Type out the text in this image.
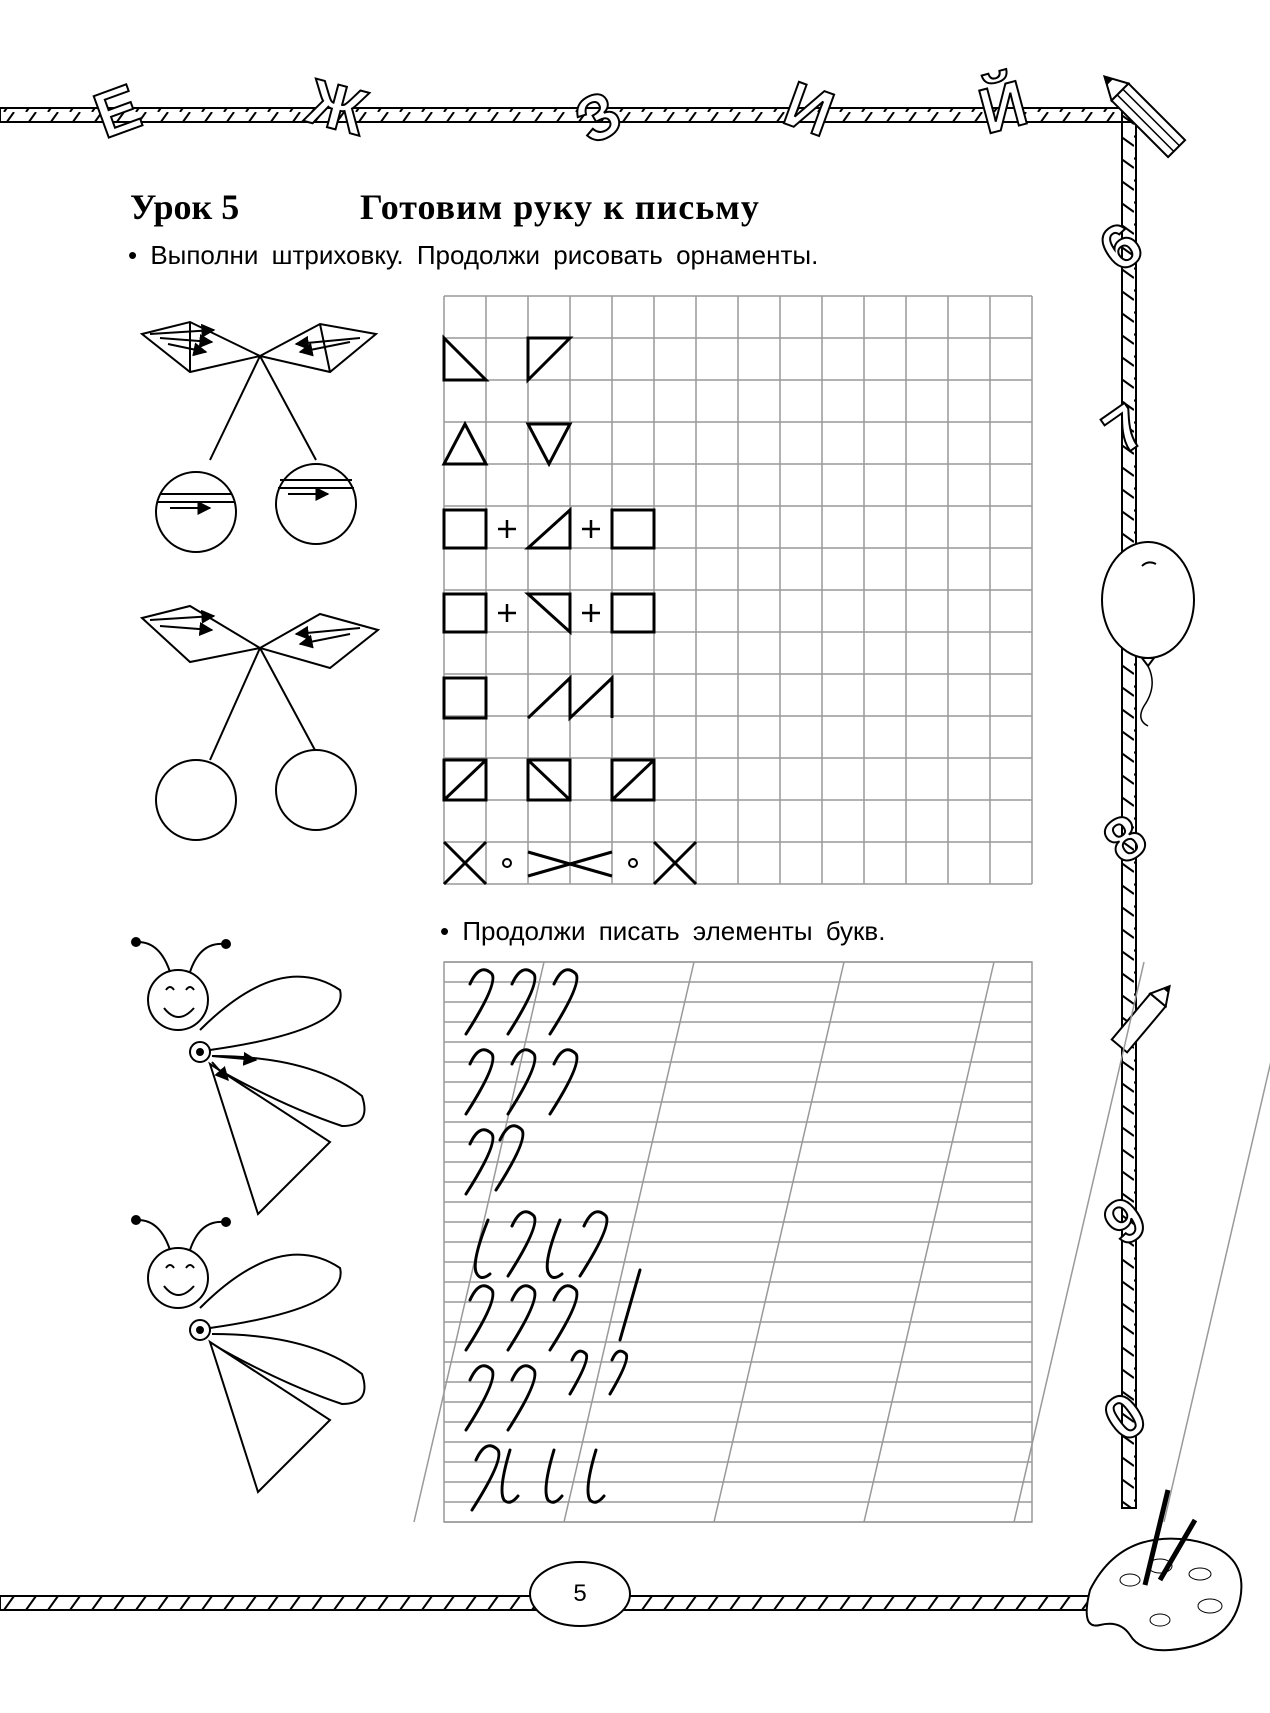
Е Ж	З И Й
6
7
8
9
0
Урок 5	Готовим руку к письму
• Выполни штриховку. Продолжи рисовать орнаменты.
• Продолжи писать элементы букв.
5
